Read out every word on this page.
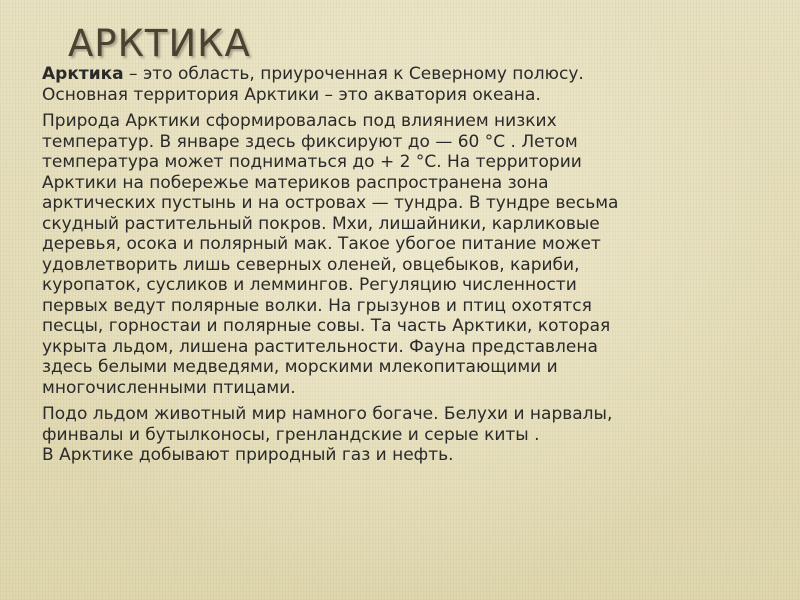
АРКТИКА

Арктика – это область, приуроченная к Северному полюсу.
Основная территория Арктики – это акватория океана.

Природа Арктики сформировалась под влиянием низких
температур. В январе здесь фиксируют до — 60 °С . Летом
температура может подниматься до + 2 °С. На территории
Арктики на побережье материков распространена зона
арктических пустынь и на островах — тундра. В тундре весьма
скудный растительный покров. Мхи, лишайники, карликовые
деревья, осока и полярный мак. Такое убогое питание может
удовлетворить лишь северных оленей, овцебыков, кариби,
куропаток, сусликов и леммингов. Регуляцию численности
первых ведут полярные волки. На грызунов и птиц охотятся
песцы, горностаи и полярные совы. Та часть Арктики, которая
укрыта льдом, лишена растительности. Фауна представлена
здесь белыми медведями, морскими млекопитающими и
многочисленными птицами.

Подо льдом животный мир намного богаче. Белухи и нарвалы,
финвалы и бутылконосы, гренландские и серые киты .
В Арктике добывают природный газ и нефть.
